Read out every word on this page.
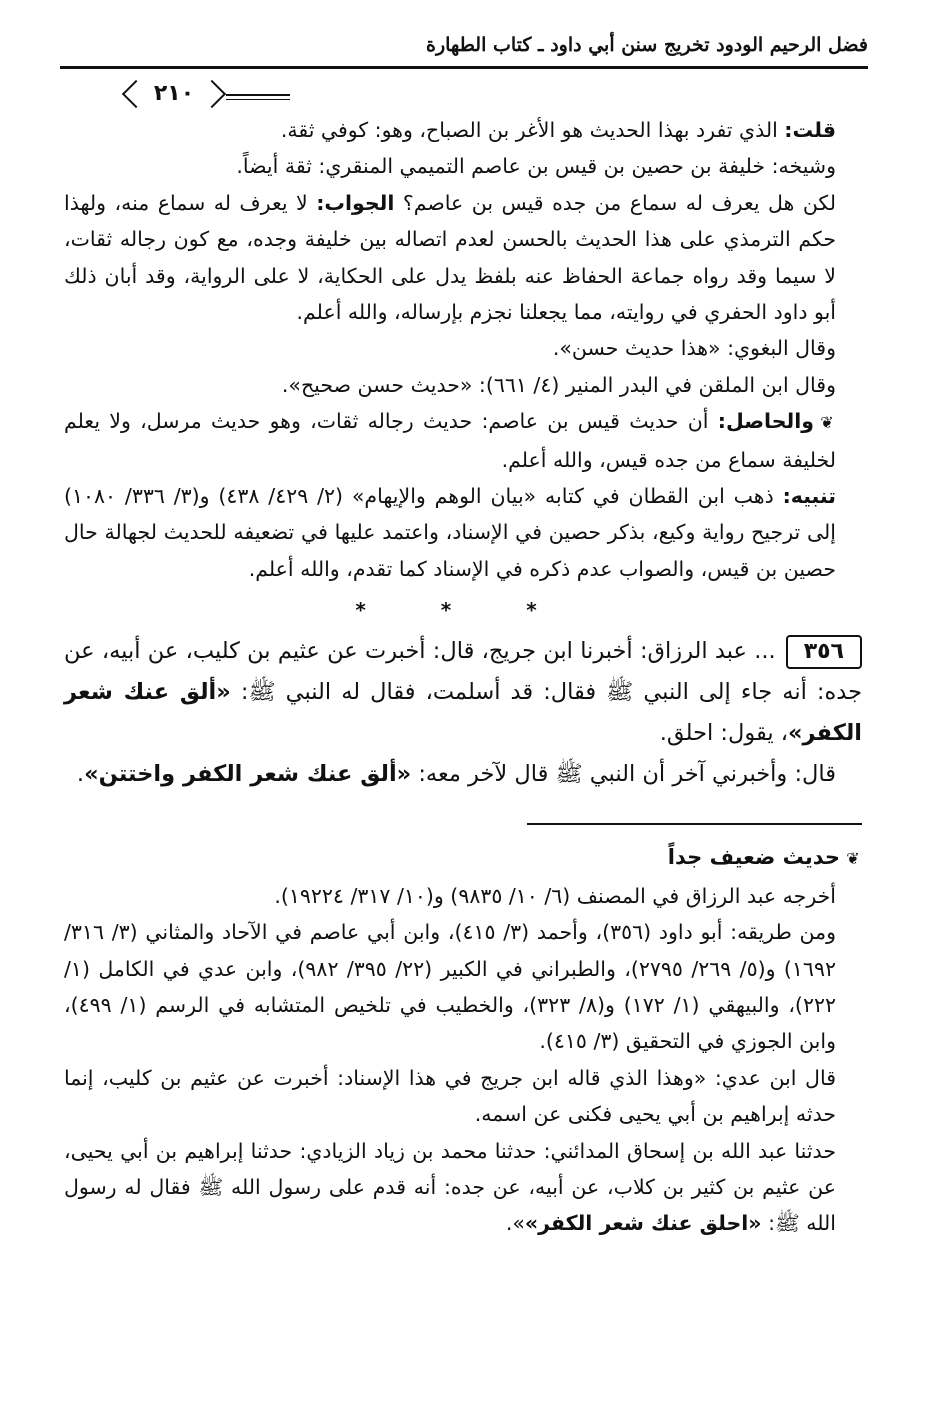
فضل الرحيم الودود تخريج سنن أبي داود ـ كتاب الطهارة
٢١٠

قلت: الذي تفرد بهذا الحديث هو الأغر بن الصباح، وهو: كوفي ثقة.

وشيخه: خليفة بن حصين بن قيس بن عاصم التميمي المنقري: ثقة أيضاً.

لكن هل يعرف له سماع من جده قيس بن عاصم؟ الجواب: لا يعرف له سماع منه، ولهذا حكم الترمذي على هذا الحديث بالحسن لعدم اتصاله بين خليفة وجده، مع كون رجاله ثقات، لا سيما وقد رواه جماعة الحفاظ عنه بلفظ يدل على الحكاية، لا على الرواية، وقد أبان ذلك أبو داود الحفري في روايته، مما يجعلنا نجزم بإرساله، والله أعلم.

وقال البغوي: «هذا حديث حسن».

وقال ابن الملقن في البدر المنير (٤/ ٦٦١): «حديث حسن صحيح».

❦والحاصل: أن حديث قيس بن عاصم: حديث رجاله ثقات، وهو حديث مرسل، ولا يعلم لخليفة سماع من جده قيس، والله أعلم.

تنبيه: ذهب ابن القطان في كتابه «بيان الوهم والإيهام» (٢/ ٤٢٩/ ٤٣٨) و(٣/ ٣٣٦/ ١٠٨٠) إلى ترجيح رواية وكيع، بذكر حصين في الإسناد، واعتمد عليها في تضعيفه للحديث لجهالة حال حصين بن قيس، والصواب عدم ذكره في الإسناد كما تقدم، والله أعلم.

* * *

٣٥٦... عبد الرزاق: أخبرنا ابن جريج، قال: أخبرت عن عثيم بن كليب، عن أبيه، عن جده: أنه جاء إلى النبي ﷺ فقال: قد أسلمت، فقال له النبي ﷺ: «ألق عنك شعر الكفر»، يقول: احلق.

قال: وأخبرني آخر أن النبي ﷺ قال لآخر معه: «ألق عنك شعر الكفر واختتن».

❦حديث ضعيف جداً

أخرجه عبد الرزاق في المصنف (٦/ ١٠/ ٩٨٣٥) و(١٠/ ٣١٧/ ١٩٢٢٤).

ومن طريقه: أبو داود (٣٥٦)، وأحمد (٣/ ٤١٥)، وابن أبي عاصم في الآحاد والمثاني (٣/ ٣١٦/ ١٦٩٢) و(٥/ ٢٦٩/ ٢٧٩٥)، والطبراني في الكبير (٢٢/ ٣٩٥/ ٩٨٢)، وابن عدي في الكامل (١/ ٢٢٢)، والبيهقي (١/ ١٧٢) و(٨/ ٣٢٣)، والخطيب في تلخيص المتشابه في الرسم (١/ ٤٩٩)، وابن الجوزي في التحقيق (٣/ ٤١٥).

قال ابن عدي: «وهذا الذي قاله ابن جريج في هذا الإسناد: أخبرت عن عثيم بن كليب، إنما حدثه إبراهيم بن أبي يحيى فكنى عن اسمه.

حدثنا عبد الله بن إسحاق المدائني: حدثنا محمد بن زياد الزيادي: حدثنا إبراهيم بن أبي يحيى، عن عثيم بن كثير بن كلاب، عن أبيه، عن جده: أنه قدم على رسول الله ﷺ فقال له رسول الله ﷺ: «احلق عنك شعر الكفر»».
